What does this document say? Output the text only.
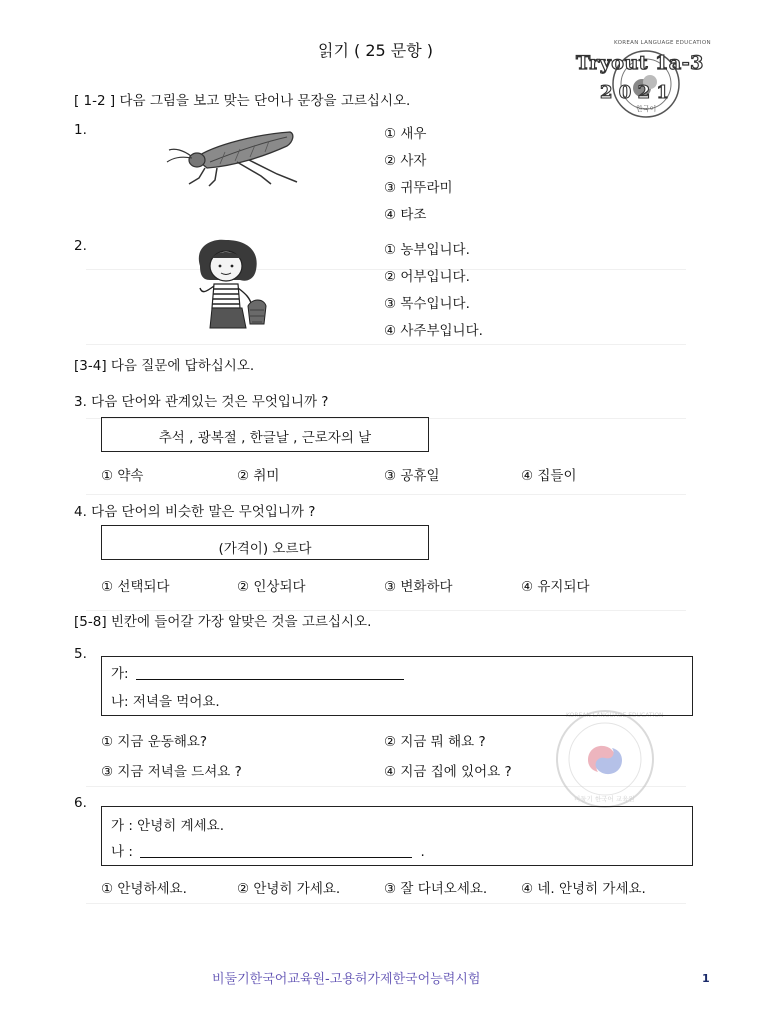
읽기 ( 25 문항 )	KOREAN LANGUAGE EDUCATION
Tryout 1a-3
2 0 2 1
한국어
[ 1-2 ] 다음 그림을 보고 맞는 단어나 문장을 고르십시오.
1.	① 새우
② 사자
③ 귀뚜라미
④ 타조
2.	① 농부입니다.
② 어부입니다.
③ 목수입니다.
④ 사주부입니다.
[3-4] 다음 질문에 답하십시오.
3. 다음 단어와 관계있는 것은 무엇입니까 ?
추석 , 광복절 , 한글날 , 근로자의 날
① 약속	② 취미	③ 공휴일	④ 집들이
4. 다음 단어의 비슷한 말은 무엇입니까 ?
(가격이) 오르다
① 선택되다	② 인상되다	③ 변화하다	④ 유지되다
[5-8] 빈칸에 들어갈 가장 알맞은 것을 고르십시오.
KOREAN LANGUAGE EDUCATION
비둘기 한국어 교육원
5.
가:
나: 저녁을 먹어요.
① 지금 운동해요?	② 지금 뭐 해요 ?
③ 지금 저녁을 드셔요 ?	④ 지금 집에 있어요 ?
6.
가 : 안녕히 계세요.
나 :	.
① 안녕하세요.	② 안녕히 가세요.	③ 잘 다녀오세요.	④ 네. 안녕히 가세요.
비둘기한국어교육원-고용허가제한국어능력시험	1
